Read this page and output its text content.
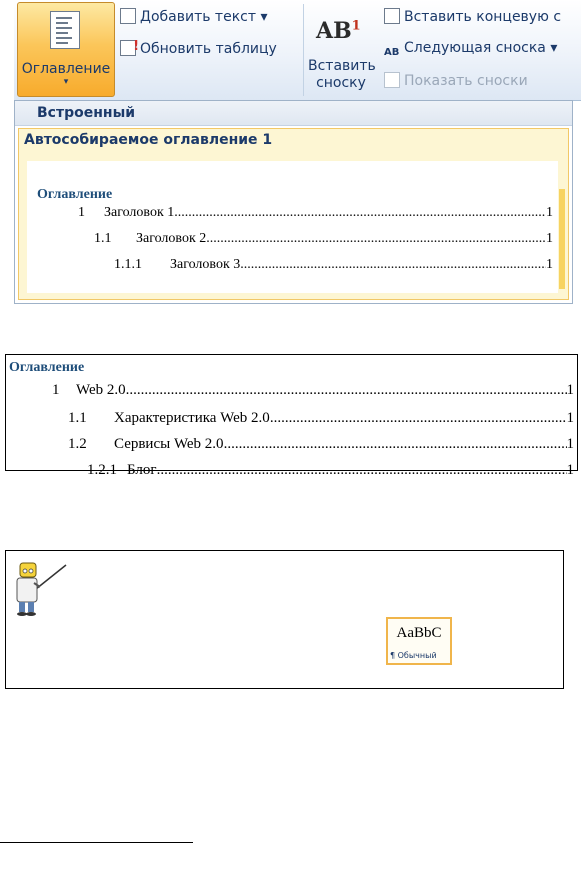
Оглавление
▾
Добавить текст ▾
! Обновить таблицу
$AB^1$
Вставить сноску
Вставить концевую с
AB Следующая сноска ▾
Показать сноски
Встроенный
Автособираемое оглавление 1
Оглавление
1	Заголовок 1 .....	1
1.1	Заголовок 2 .....	1
1.1.1	Заголовок 3 .....	1
Оглавление
1	Web 2.0 .....	1
1.1	Характеристика Web 2.0 .....	1
1.2	Сервисы Web 2.0 .....	1
1.2.1 Блог .....	1
AaBbC
¶ Обычный
